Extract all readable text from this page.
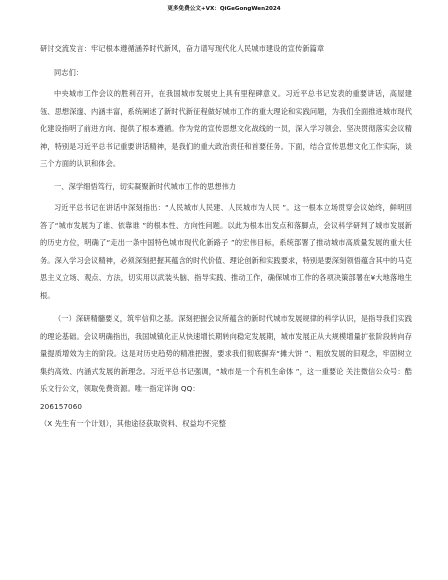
更多免费公文+VX：QiGeGongWen2024

研讨交流发言：牢记根本遵循涵养时代新风，奋力谱写现代化人民城市建设的宣传新篇章

同志们：

中央城市工作会议的胜利召开，在我国城市发展史上具有里程碑意义。习近平总书记发表的重要讲话，高屋建瓴、思想深邃、内涵丰富，系统阐述了新时代新征程做好城市工作的重大理论和实践问题，为我们全面推进城市现代化建设指明了前进方向、提供了根本遵循。作为党的宣传思想文化战线的一员，深入学习领会、坚决贯彻落实会议精神，特别是习近平总书记重要讲话精神，是我们的重大政治责任和首要任务。下面，结合宣传思想文化工作实际，谈三个方面的认识和体会。

一、深学细悟笃行，切实凝聚新时代城市工作的思想伟力

习近平总书记在讲话中深刻指出：“人民城市人民建、人民城市为人民 ”。这一根本立场贯穿会议始终，鲜明回答了“城市发展为了谁、依靠谁 ”的根本性、方向性问题。以此为根本出发点和落脚点，会议科学研判了城市发展新的历史方位，明确了“走出一条中国特色城市现代化新路子 ”的宏伟目标，系统部署了推动城市高质量发展的重大任务。深入学习会议精神，必须深刻把握其蕴含的时代价值、理论创新和实践要求，特别是要深刻领悟蕴含其中的马克思主义立场、观点、方法，切实用以武装头脑、指导实践、推动工作，确保城市工作的各项决策部署在¥大地落地生根。

（一）深研精髓要义，筑牢信仰之基。深刻把握会议所蕴含的新时代城市发展规律的科学认识，是指导我们实践的理论基础。会议明确指出，我国城镇化正从快速增长期转向稳定发展期，城市发展正从大规模增量扩张阶段转向存量提质增效为主的阶段。这是对历史趋势的精准把握，要求我们彻底摒弃“摊大饼 ”、粗放发展的旧观念，牢固树立集约高效、内涵式发展的新理念。习近平总书记强调，“城市是一个有机生命体 ”，这一重要论 关注微信公众号：酷乐文行公文，领取免费资源。唯一指定详询 QQ：

206157060

（X 先生有一个计划），其他途径获取资料、权益均不完整
